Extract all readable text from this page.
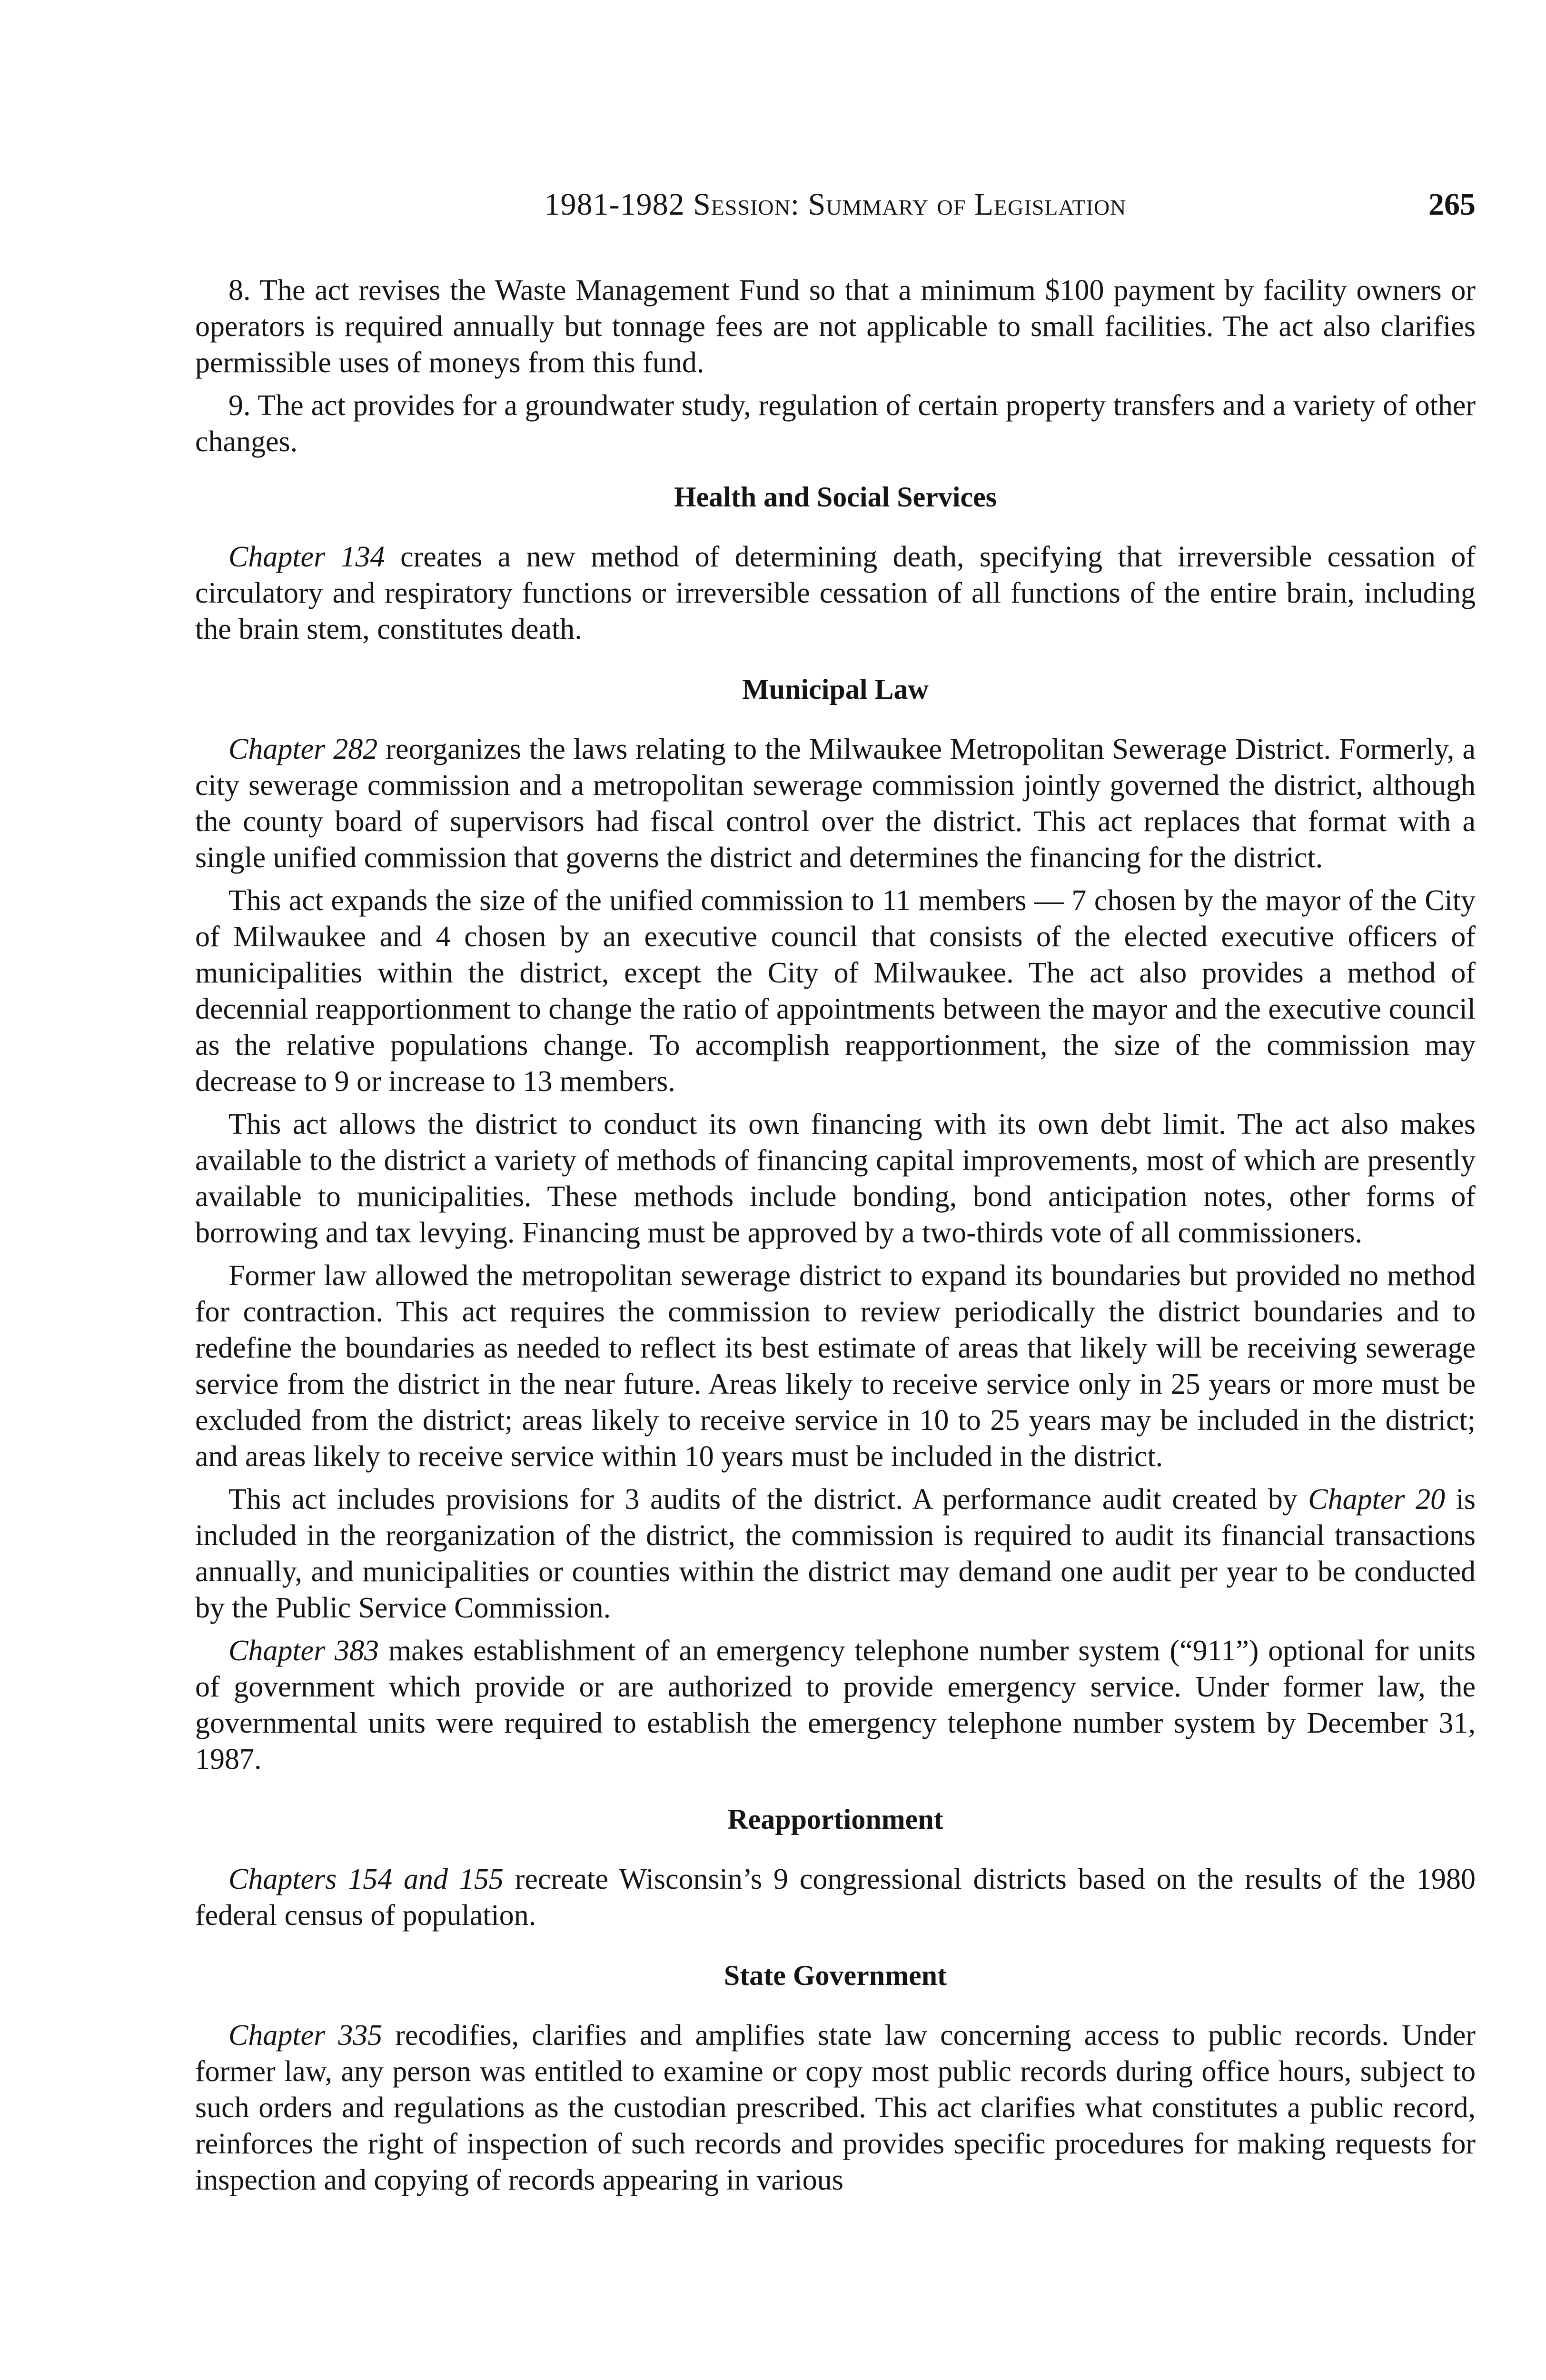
1981-1982 Session: Summary of Legislation	265

8. The act revises the Waste Management Fund so that a minimum $100 payment by facility owners or operators is required annually but tonnage fees are not applicable to small facilities. The act also clarifies permissible uses of moneys from this fund.

9. The act provides for a groundwater study, regulation of certain property transfers and a variety of other changes.

Health and Social Services

Chapter 134 creates a new method of determining death, specifying that irreversible cessation of circulatory and respiratory functions or irreversible cessation of all functions of the entire brain, including the brain stem, constitutes death.

Municipal Law

Chapter 282 reorganizes the laws relating to the Milwaukee Metropolitan Sewerage District. Formerly, a city sewerage commission and a metropolitan sewerage commission jointly governed the district, although the county board of supervisors had fiscal control over the district. This act replaces that format with a single unified commission that governs the district and determines the financing for the district.

This act expands the size of the unified commission to 11 members — 7 chosen by the mayor of the City of Milwaukee and 4 chosen by an executive council that consists of the elected executive officers of municipalities within the district, except the City of Milwaukee. The act also provides a method of decennial reapportionment to change the ratio of appointments between the mayor and the executive council as the relative populations change. To accomplish reapportionment, the size of the commission may decrease to 9 or increase to 13 members.

This act allows the district to conduct its own financing with its own debt limit. The act also makes available to the district a variety of methods of financing capital improvements, most of which are presently available to municipalities. These methods include bonding, bond anticipation notes, other forms of borrowing and tax levying. Financing must be approved by a two-thirds vote of all commissioners.

Former law allowed the metropolitan sewerage district to expand its boundaries but provided no method for contraction. This act requires the commission to review periodically the district boundaries and to redefine the boundaries as needed to reflect its best estimate of areas that likely will be receiving sewerage service from the district in the near future. Areas likely to receive service only in 25 years or more must be excluded from the district; areas likely to receive service in 10 to 25 years may be included in the district; and areas likely to receive service within 10 years must be included in the district.

This act includes provisions for 3 audits of the district. A performance audit created by Chapter 20 is included in the reorganization of the district, the commission is required to audit its financial transactions annually, and municipalities or counties within the district may demand one audit per year to be conducted by the Public Service Commission.

Chapter 383 makes establishment of an emergency telephone number system (“911”) optional for units of government which provide or are authorized to provide emergency service. Under former law, the governmental units were required to establish the emergency telephone number system by December 31, 1987.

Reapportionment

Chapters 154 and 155 recreate Wisconsin’s 9 congressional districts based on the results of the 1980 federal census of population.

State Government

Chapter 335 recodifies, clarifies and amplifies state law concerning access to public records. Under former law, any person was entitled to examine or copy most public records during office hours, subject to such orders and regulations as the custodian prescribed. This act clarifies what constitutes a public record, reinforces the right of inspection of such records and provides specific procedures for making requests for inspection and copying of records appearing in various
